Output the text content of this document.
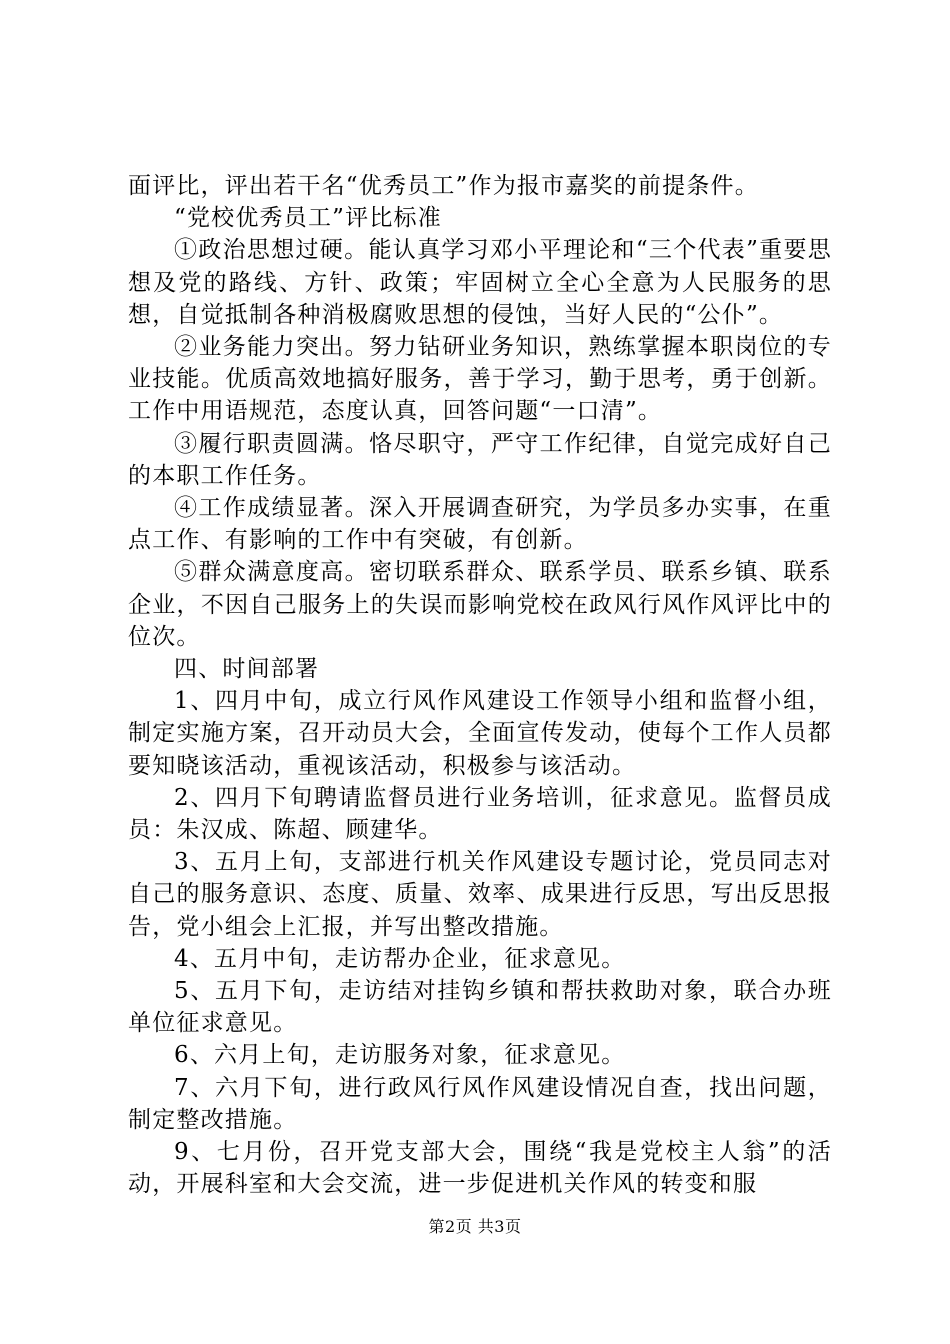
面评比，评出若干名“优秀员工”作为报市嘉奖的前提条件。

“党校优秀员工”评比标准

①政治思想过硬。能认真学习邓小平理论和“三个代表”重要思想及党的路线、方针、政策；牢固树立全心全意为人民服务的思想，自觉抵制各种消极腐败思想的侵蚀，当好人民的“公仆”。

②业务能力突出。努力钻研业务知识，熟练掌握本职岗位的专业技能。优质高效地搞好服务，善于学习，勤于思考，勇于创新。工作中用语规范，态度认真，回答问题“一口清”。

③履行职责圆满。恪尽职守，严守工作纪律，自觉完成好自己的本职工作任务。

④工作成绩显著。深入开展调查研究，为学员多办实事，在重点工作、有影响的工作中有突破，有创新。

⑤群众满意度高。密切联系群众、联系学员、联系乡镇、联系企业，不因自己服务上的失误而影响党校在政风行风作风评比中的位次。

四、时间部署

1、四月中旬，成立行风作风建设工作领导小组和监督小组，制定实施方案，召开动员大会，全面宣传发动，使每个工作人员都要知晓该活动，重视该活动，积极参与该活动。

2、四月下旬聘请监督员进行业务培训，征求意见。监督员成员：朱汉成、陈超、顾建华。

3、五月上旬，支部进行机关作风建设专题讨论，党员同志对自己的服务意识、态度、质量、效率、成果进行反思，写出反思报告，党小组会上汇报，并写出整改措施。

4、五月中旬，走访帮办企业，征求意见。

5、五月下旬，走访结对挂钩乡镇和帮扶救助对象，联合办班单位征求意见。

6、六月上旬，走访服务对象，征求意见。

7、六月下旬，进行政风行风作风建设情况自查，找出问题，制定整改措施。

9、七月份，召开党支部大会，围绕“我是党校主人翁”的活动，开展科室和大会交流，进一步促进机关作风的转变和服

第2页 共3页
